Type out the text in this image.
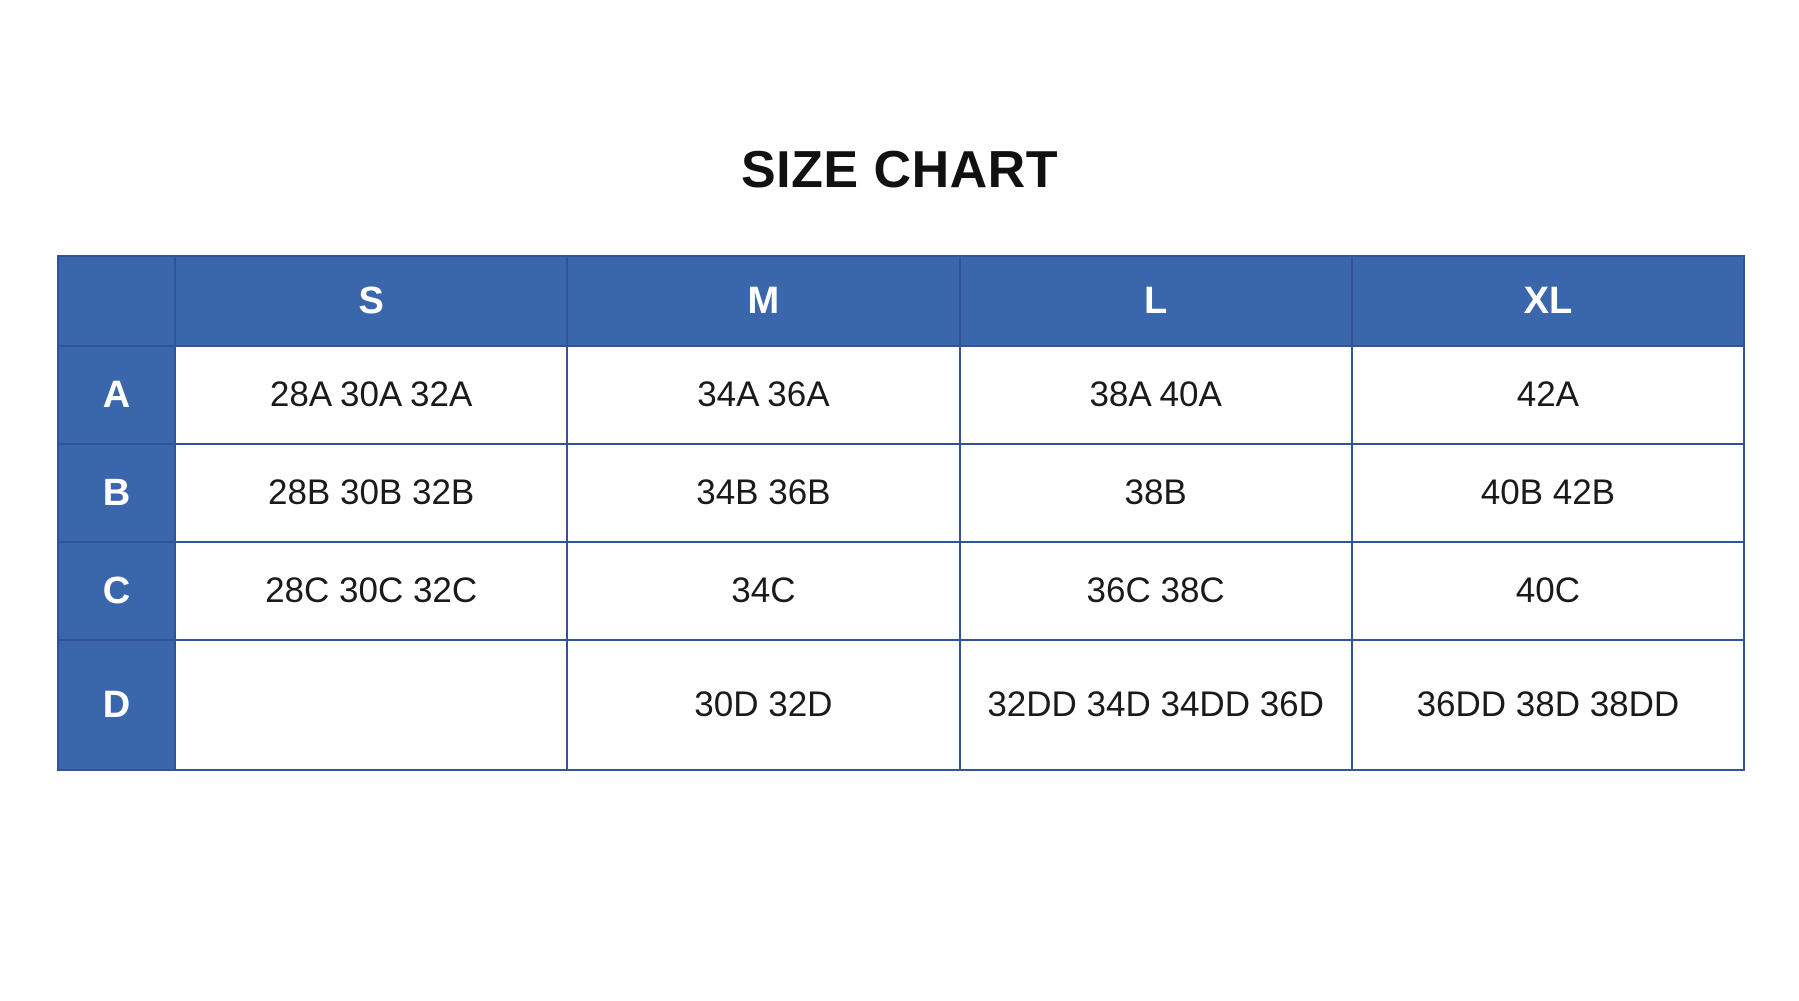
SIZE CHART
	S	M	L	XL
A	28A 30A 32A	34A 36A	38A 40A	42A
B	28B 30B 32B	34B 36B	38B	40B 42B
C	28C 30C 32C	34C	36C 38C	40C
D		30D 32D	32DD 34D 34DD 36D	36DD 38D 38DD
